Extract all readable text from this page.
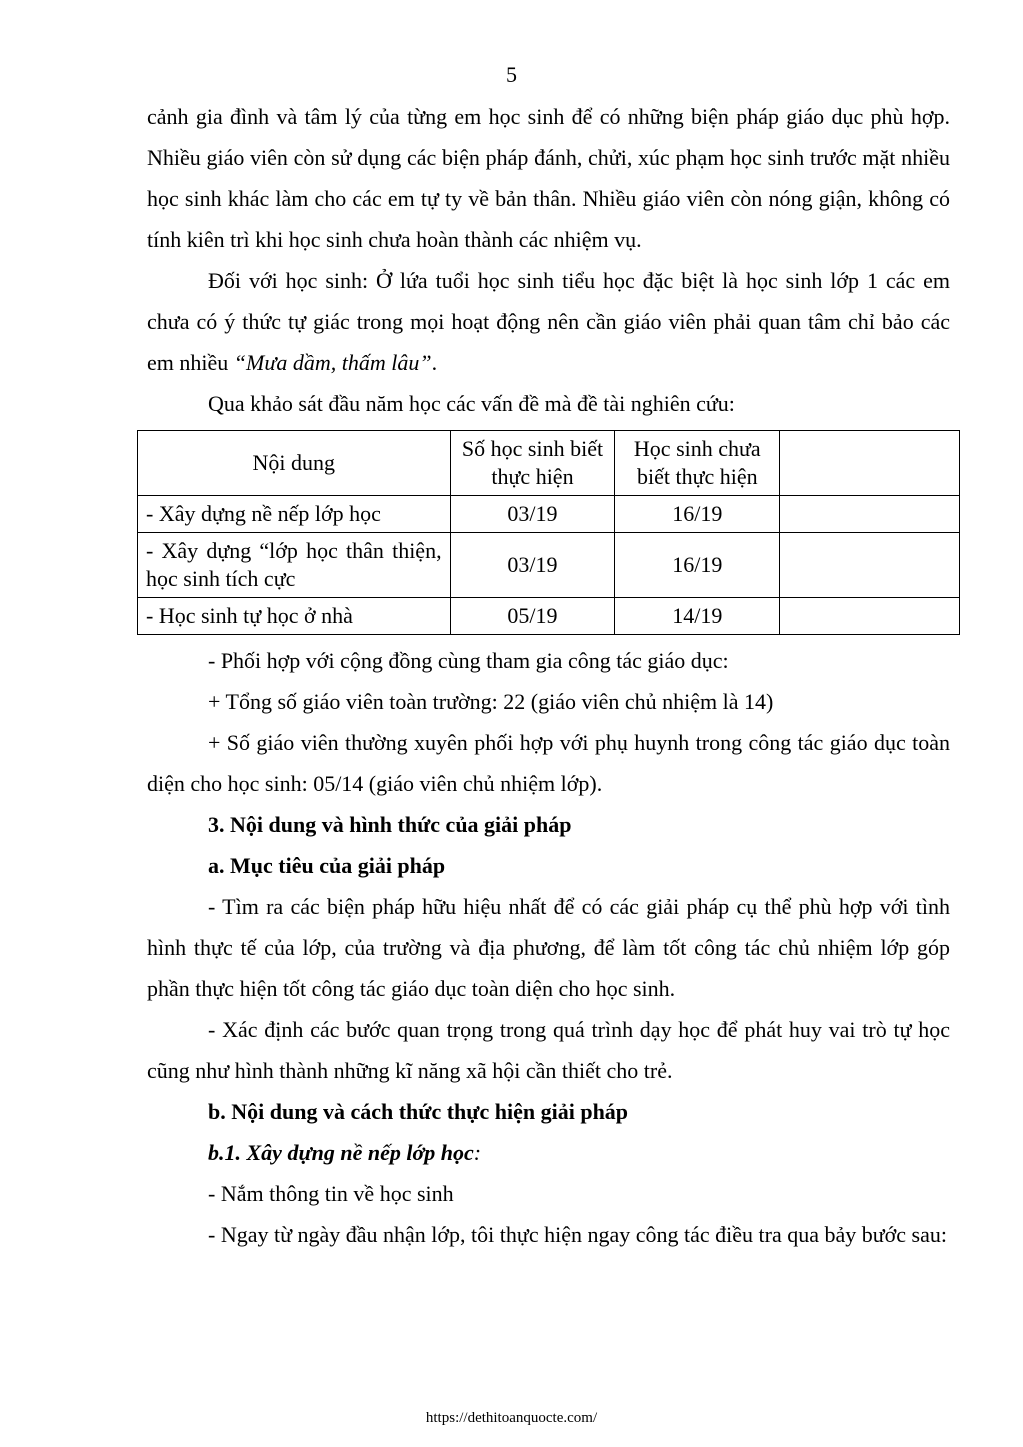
5

cảnh gia đình và tâm lý của từng em học sinh để có những biện pháp giáo dục phù hợp. Nhiều giáo viên còn sử dụng các biện pháp đánh, chửi, xúc phạm học sinh trước mặt nhiều học sinh khác làm cho các em tự ty về bản thân. Nhiều giáo viên còn nóng giận, không có tính kiên trì khi học sinh chưa hoàn thành các nhiệm vụ.

Đối với học sinh: Ở lứa tuổi học sinh tiểu học đặc biệt là học sinh lớp 1 các em chưa có ý thức tự giác trong mọi hoạt động nên cần giáo viên phải quan tâm chỉ bảo các em nhiều “Mưa dầm, thấm lâu”.

Qua khảo sát đầu năm học các vấn đề mà đề tài nghiên cứu:

Nội dung	Số học sinh biết thực hiện	Học sinh chưa biết thực hiện	
- Xây dựng nề nếp lớp học	03/19	16/19	
- Xây dựng “lớp học thân thiện, học sinh tích cực	03/19	16/19	
- Học sinh tự học ở nhà	05/19	14/19	

- Phối hợp với cộng đồng cùng tham gia công tác giáo dục:

+ Tổng số giáo viên toàn trường: 22 (giáo viên chủ nhiệm là 14)

+ Số giáo viên thường xuyên phối hợp với phụ huynh trong công tác giáo dục toàn diện cho học sinh: 05/14 (giáo viên chủ nhiệm lớp).

3. Nội dung và hình thức của giải pháp

a. Mục tiêu của giải pháp

- Tìm ra các biện pháp hữu hiệu nhất để có các giải pháp cụ thể phù hợp với tình hình thực tế của lớp, của trường và địa phương, để làm tốt công tác chủ nhiệm lớp góp phần thực hiện tốt công tác giáo dục toàn diện cho học sinh.

- Xác định các bước quan trọng trong quá trình dạy học để phát huy vai trò tự học cũng như hình thành những kĩ năng xã hội cần thiết cho trẻ.

b. Nội dung và cách thức thực hiện giải pháp

b.1. Xây dựng nề nếp lớp học:

- Nắm thông tin về học sinh

- Ngay từ ngày đầu nhận lớp, tôi thực hiện ngay công tác điều tra qua bảy bước sau:

https://dethitoanquocte.com/
